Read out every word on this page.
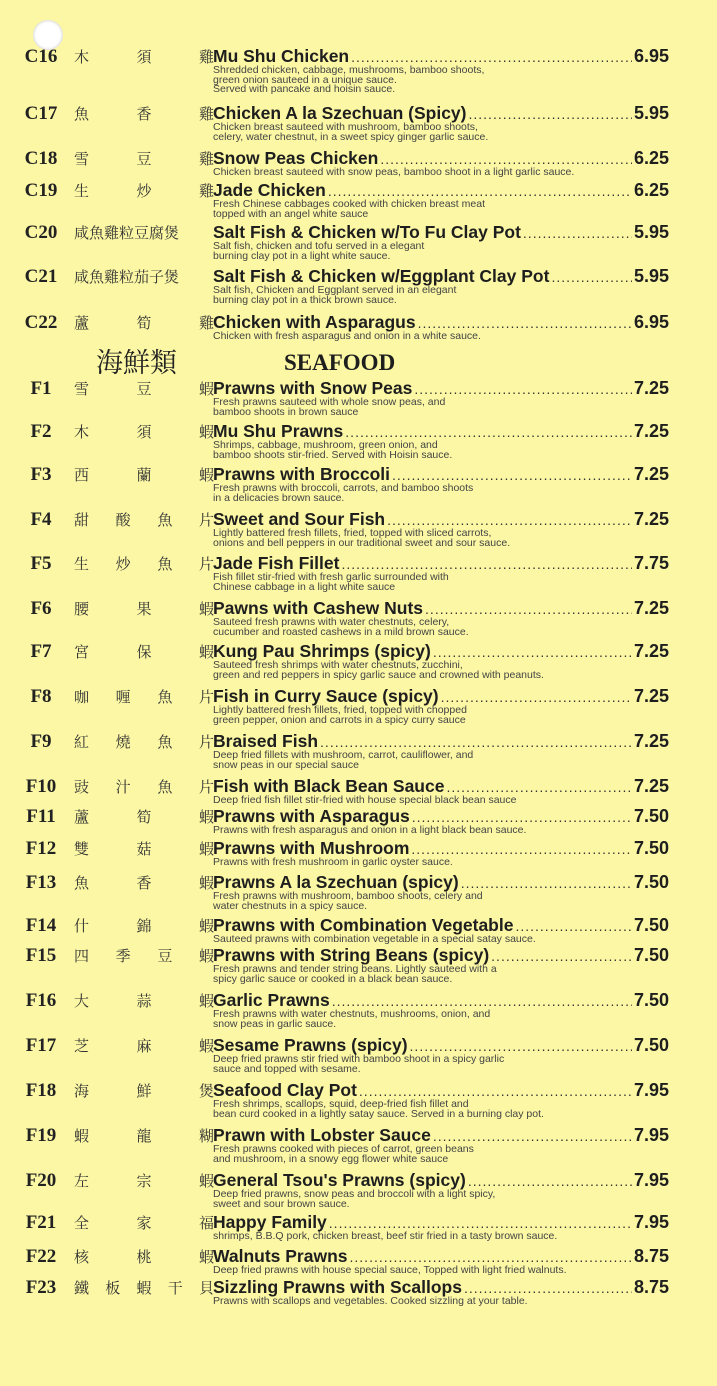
海鮮類	SEAFOOD
C16	木	須	雞 Mu Shu Chicken .....	6.95
Shredded chicken, cabbage, mushrooms, bamboo shoots,
green onion sauteed in a unique sauce.
Served with pancake and hoisin sauce.
C17	魚	香	雞 Chicken A la Szechuan (Spicy) .....	5.95
Chicken breast sauteed with mushroom, bamboo shoots,
celery, water chestnut, in a sweet spicy ginger garlic sauce.
C18	雪	豆	雞 Snow Peas Chicken .....	6.25
Chicken breast sauteed with snow peas, bamboo shoot in a light garlic sauce.
C19	生	炒	雞 Jade Chicken .....	6.25
Fresh Chinese cabbages cooked with chicken breast meat
topped with an angel white sauce
C20	咸魚雞粒豆腐煲 Salt Fish & Chicken w/To Fu Clay Pot .....	5.95
Salt fish, chicken and tofu served in a elegant
burning clay pot in a light white sauce.
C21	咸魚雞粒茄子煲 Salt Fish & Chicken w/Eggplant Clay Pot .....	5.95
Salt fish, Chicken and Eggplant served in an elegant
burning clay pot in a thick brown sauce.
C22	蘆	筍	雞 Chicken with Asparagus .....	6.95
Chicken with fresh asparagus and onion in a white sauce.
F1	雪	豆	蝦 Prawns with Snow Peas .....	7.25
Fresh prawns sauteed with whole snow peas, and
bamboo shoots in brown sauce
F2	木	須	蝦 Mu Shu Prawns .....	7.25
Shrimps, cabbage, mushroom, green onion, and
bamboo shoots stir-fried. Served with Hoisin sauce.
F3	西	蘭	蝦 Prawns with Broccoli .....	7.25
Fresh prawns with broccoli, carrots, and bamboo shoots
in a delicacies brown sauce.
F4	甜 酸 魚 片 Sweet and Sour Fish .....	7.25
Lightly battered fresh fillets, fried, topped with sliced carrots,
onions and bell peppers in our traditional sweet and sour sauce.
F5	生 炒 魚 片 Jade Fish Fillet .....	7.75
Fish fillet stir-fried with fresh garlic surrounded with
Chinese cabbage in a light white sauce
F6	腰	果	蝦 Pawns with Cashew Nuts .....	7.25
Sauteed fresh prawns with water chestnuts, celery,
cucumber and roasted cashews in a mild brown sauce.
F7	宮	保	蝦 Kung Pau Shrimps (spicy) .....	7.25
Sauteed fresh shrimps with water chestnuts, zucchini,
green and red peppers in spicy garlic sauce and crowned with peanuts.
F8	咖 喱 魚 片 Fish in Curry Sauce (spicy) .....	7.25
Lightly battered fresh fillets, fried, topped with chopped
green pepper, onion and carrots in a spicy curry sauce
F9	紅 燒 魚 片 Braised Fish .....	7.25
Deep fried fillets with mushroom, carrot, cauliflower, and
snow peas in our special sauce
F10	豉 汁 魚 片 Fish with Black Bean Sauce .....	7.25
Deep fried fish fillet stir-fried with house special black bean sauce
F11	蘆	筍	蝦 Prawns with Asparagus .....	7.50
Prawns with fresh asparagus and onion in a light black bean sauce.
F12	雙	菇	蝦 Prawns with Mushroom .....	7.50
Prawns with fresh mushroom in garlic oyster sauce.
F13	魚	香	蝦 Prawns A la Szechuan (spicy) .....	7.50
Fresh prawns with mushroom, bamboo shoots, celery and
water chestnuts in a spicy sauce.
F14	什	錦	蝦 Prawns with Combination Vegetable .....	7.50
Sauteed prawns with combination vegetable in a special satay sauce.
F15	四 季 豆 蝦 Prawns with String Beans (spicy) .....	7.50
Fresh prawns and tender string beans. Lightly sauteed with a
spicy garlic sauce or cooked in a black bean sauce.
F16	大	蒜	蝦 Garlic Prawns .....	7.50
Fresh prawns with water chestnuts, mushrooms, onion, and
snow peas in garlic sauce.
F17	芝	麻	蝦 Sesame Prawns (spicy) .....	7.50
Deep fried prawns stir fried with bamboo shoot in a spicy garlic
sauce and topped with sesame.
F18	海	鮮	煲 Seafood Clay Pot .....	7.95
Fresh shrimps, scallops, squid, deep-fried fish fillet and
bean curd cooked in a lightly satay sauce. Served in a burning clay pot.
F19	蝦	龍	糊 Prawn with Lobster Sauce .....	7.95
Fresh prawns cooked with pieces of carrot, green beans
and mushroom, in a snowy egg flower white sauce
F20	左	宗	蝦 General Tsou's Prawns (spicy) .....	7.95
Deep fried prawns, snow peas and broccoli with a light spicy,
sweet and sour brown sauce.
F21	全	家	福 Happy Family .....	7.95
shrimps, B.B.Q pork, chicken breast, beef stir fried in a tasty brown sauce.
F22	核	桃	蝦 Walnuts Prawns .....	8.75
Deep fried prawns with house special sauce, Topped with light fried walnuts.
F23	鐵 板 蝦 干 貝 Sizzling Prawns with Scallops .....	8.75
Prawns with scallops and vegetables. Cooked sizzling at your table.
